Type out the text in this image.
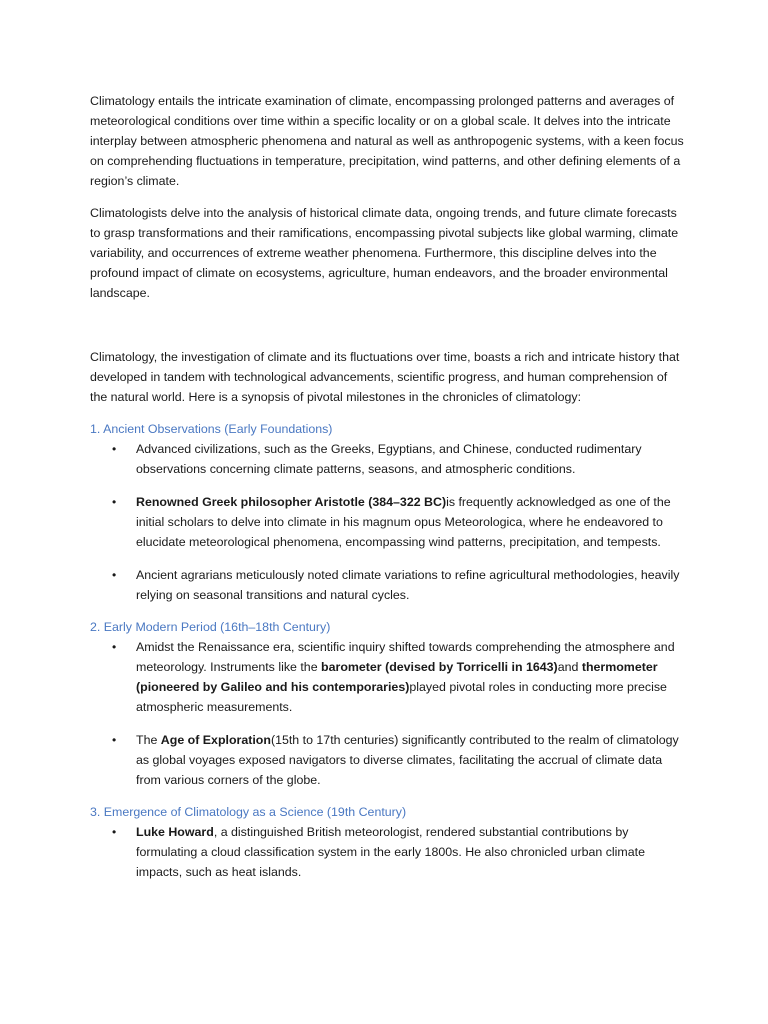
Climatology entails the intricate examination of climate, encompassing prolonged patterns and averages of meteorological conditions over time within a specific locality or on a global scale. It delves into the intricate interplay between atmospheric phenomena and natural as well as anthropogenic systems, with a keen focus on comprehending fluctuations in temperature, precipitation, wind patterns, and other defining elements of a region’s climate.

Climatologists delve into the analysis of historical climate data, ongoing trends, and future climate forecasts to grasp transformations and their ramifications, encompassing pivotal subjects like global warming, climate variability, and occurrences of extreme weather phenomena. Furthermore, this discipline delves into the profound impact of climate on ecosystems, agriculture, human endeavors, and the broader environmental landscape.

Climatology, the investigation of climate and its fluctuations over time, boasts a rich and intricate history that developed in tandem with technological advancements, scientific progress, and human comprehension of the natural world. Here is a synopsis of pivotal milestones in the chronicles of climatology:

1. Ancient Observations (Early Foundations)
• Advanced civilizations, such as the Greeks, Egyptians, and Chinese, conducted rudimentary observations concerning climate patterns, seasons, and atmospheric conditions.
• Renowned Greek philosopher Aristotle (384–322 BC)is frequently acknowledged as one of the initial scholars to delve into climate in his magnum opus Meteorologica, where he endeavored to elucidate meteorological phenomena, encompassing wind patterns, precipitation, and tempests.
• Ancient agrarians meticulously noted climate variations to refine agricultural methodologies, heavily relying on seasonal transitions and natural cycles.
2. Early Modern Period (16th–18th Century)
• Amidst the Renaissance era, scientific inquiry shifted towards comprehending the atmosphere and meteorology. Instruments like the barometer (devised by Torricelli in 1643)and thermometer (pioneered by Galileo and his contemporaries)played pivotal roles in conducting more precise atmospheric measurements.
• The Age of Exploration(15th to 17th centuries) significantly contributed to the realm of climatology as global voyages exposed navigators to diverse climates, facilitating the accrual of climate data from various corners of the globe.
3. Emergence of Climatology as a Science (19th Century)
• Luke Howard, a distinguished British meteorologist, rendered substantial contributions by formulating a cloud classification system in the early 1800s. He also chronicled urban climate impacts, such as heat islands.
